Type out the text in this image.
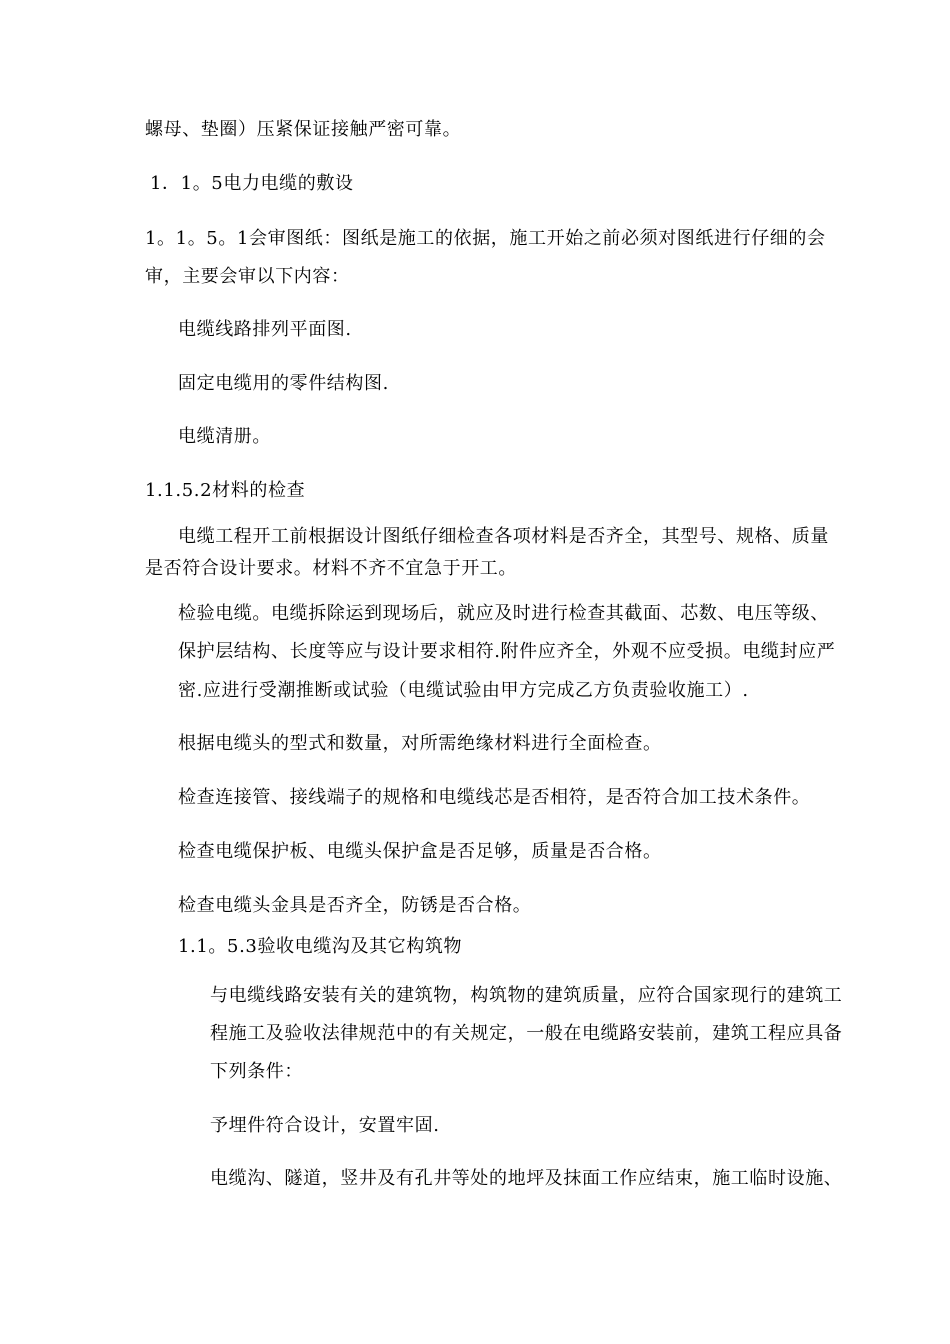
螺母、垫圈）压紧保证接触严密可靠。
1．1。5电力电缆的敷设
1。1。5。1会审图纸：图纸是施工的依据，施工开始之前必须对图纸进行仔细的会
审，主要会审以下内容：
电缆线路排列平面图.
固定电缆用的零件结构图.
电缆清册。
1.1.5.2材料的检查
电缆工程开工前根据设计图纸仔细检查各项材料是否齐全，其型号、规格、质量
是否符合设计要求。材料不齐不宜急于开工。
检验电缆。电缆拆除运到现场后，就应及时进行检查其截面、芯数、电压等级、
保护层结构、长度等应与设计要求相符.附件应齐全，外观不应受损。电缆封应严
密.应进行受潮推断或试验（电缆试验由甲方完成乙方负责验收施工）.
根据电缆头的型式和数量，对所需绝缘材料进行全面检查。
检查连接管、接线端子的规格和电缆线芯是否相符，是否符合加工技术条件。
检查电缆保护板、电缆头保护盒是否足够，质量是否合格。
检查电缆头金具是否齐全，防锈是否合格。
1.1。5.3验收电缆沟及其它构筑物
与电缆线路安装有关的建筑物，构筑物的建筑质量，应符合国家现行的建筑工
程施工及验收法律规范中的有关规定，一般在电缆路安装前，建筑工程应具备
下列条件：
予埋件符合设计，安置牢固.
电缆沟、隧道，竖井及有孔井等处的地坪及抹面工作应结束，施工临时设施、
